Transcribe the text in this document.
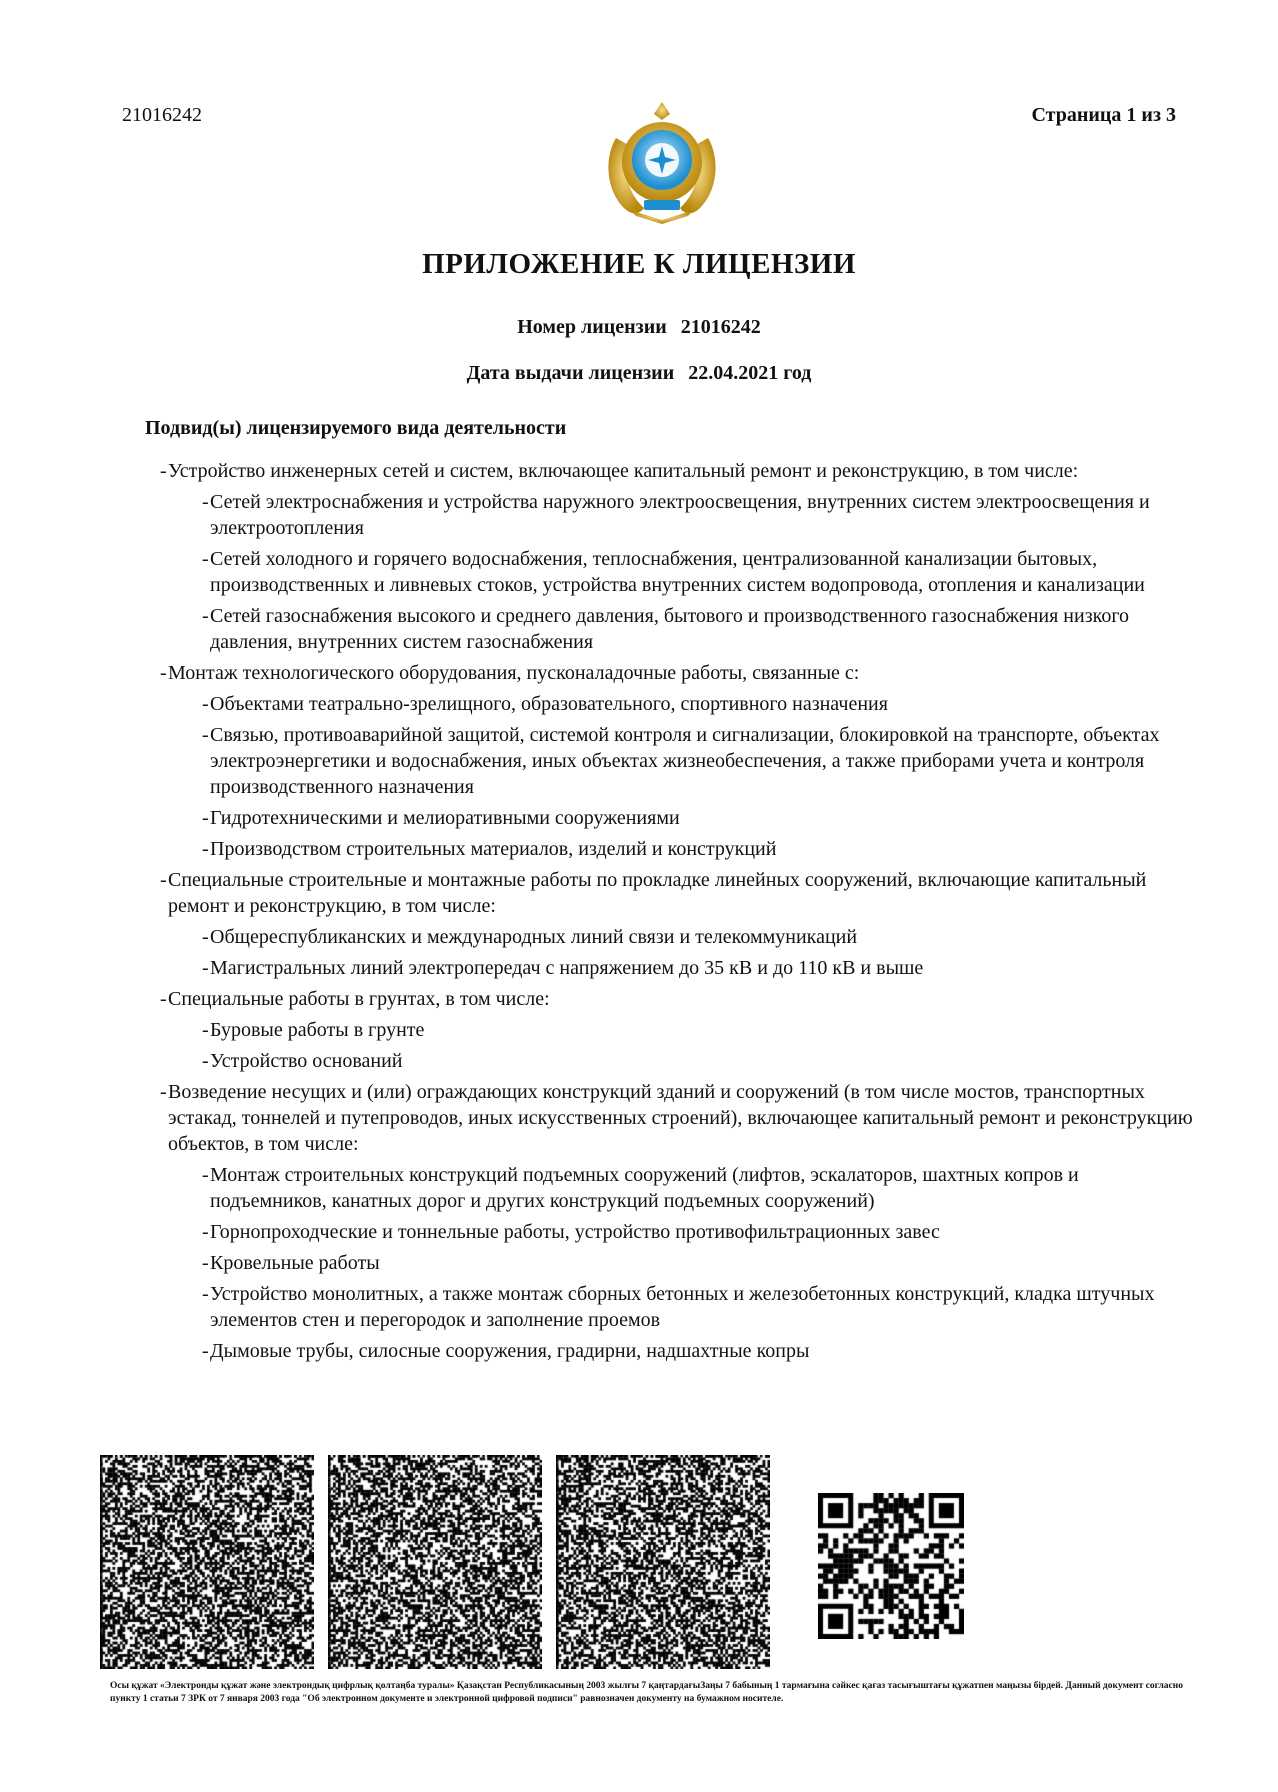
21016242	Страница 1 из 3
ПРИЛОЖЕНИЕ К ЛИЦЕНЗИИ
Номер лицензии 21016242
Дата выдачи лицензии 22.04.2021 год
Подвид(ы) лицензируемого вида деятельности
- Устройство инженерных сетей и систем, включающее капитальный ремонт и реконструкцию, в том числе:
- Сетей электроснабжения и устройства наружного электроосвещения, внутренних систем электроосвещения и электроотопления
- Сетей холодного и горячего водоснабжения, теплоснабжения, централизованной канализации бытовых, производственных и ливневых стоков, устройства внутренних систем водопровода, отопления и канализации
- Сетей газоснабжения высокого и среднего давления, бытового и производственного газоснабжения низкого давления, внутренних систем газоснабжения
- Монтаж технологического оборудования, пусконаладочные работы, связанные с:
- Объектами театрально-зрелищного, образовательного, спортивного назначения
- Связью, противоаварийной защитой, системой контроля и сигнализации, блокировкой на транспорте, объектах электроэнергетики и водоснабжения, иных объектах жизнеобеспечения, а также приборами учета и контроля производственного назначения
- Гидротехническими и мелиоративными сооружениями
- Производством строительных материалов, изделий и конструкций
- Специальные строительные и монтажные работы по прокладке линейных сооружений, включающие капитальный ремонт и реконструкцию, в том числе:
- Общереспубликанских и международных линий связи и телекоммуникаций
- Магистральных линий электропередач с напряжением до 35 кВ и до 110 кВ и выше
- Специальные работы в грунтах, в том числе:
- Буровые работы в грунте
- Устройство оснований
- Возведение несущих и (или) ограждающих конструкций зданий и сооружений (в том числе мостов, транспортных эстакад, тоннелей и путепроводов, иных искусственных строений), включающее капитальный ремонт и реконструкцию объектов, в том числе:
- Монтаж строительных конструкций подъемных сооружений (лифтов, эскалаторов, шахтных копров и подъемников, канатных дорог и других конструкций подъемных сооружений)
- Горнопроходческие и тоннельные работы, устройство противофильтрационных завес
- Кровельные работы
- Устройство монолитных, а также монтаж сборных бетонных и железобетонных конструкций, кладка штучных элементов стен и перегородок и заполнение проемов
- Дымовые трубы, силосные сооружения, градирни, надшахтные копры
Осы құжат «Электронды құжат және электрондық цифрлық қолтаңба туралы» Қазақстан Республикасының 2003 жылғы 7 қаңтардағыЗаңы 7 бабының 1 тармағына сәйкес қағаз тасығыштағы құжатпен маңызы бірдей. Данный документ согласно пункту 1 статьи 7 ЗРК от 7 января 2003 года "Об электронном документе и электронной цифровой подписи" равнозначен документу на бумажном носителе.
